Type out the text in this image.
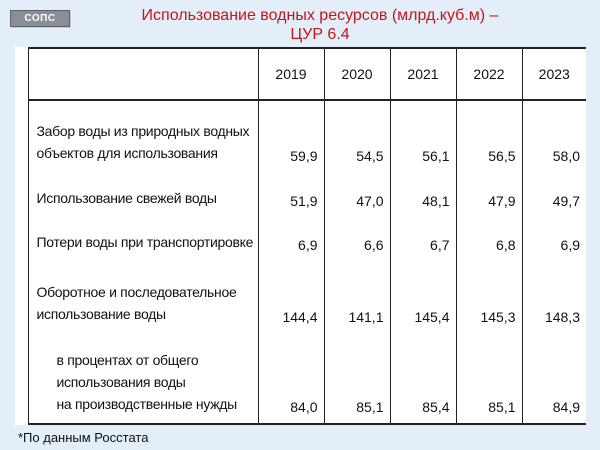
СОПС	Использование водных ресурсов (млрд.куб.м) –
ЦУР 6.4
		2019	2020	2021	2022	2023

	Забор воды из природных водных
объектов для использования	59,9	54,5	56,1	56,5	58,0

	Использование свежей воды	51,9	47,0	48,1	47,9	49,7

	Потери воды при транспортировке	6,9	6,6	6,7	6,8	6,9

	Оборотное и последовательное
использование воды	144,4	141,1	145,4	145,3	148,3

	в процентах от общего
использования воды
на производственные нужды	84,0	85,1	85,4	85,1	84,9
*По данным Росстата
